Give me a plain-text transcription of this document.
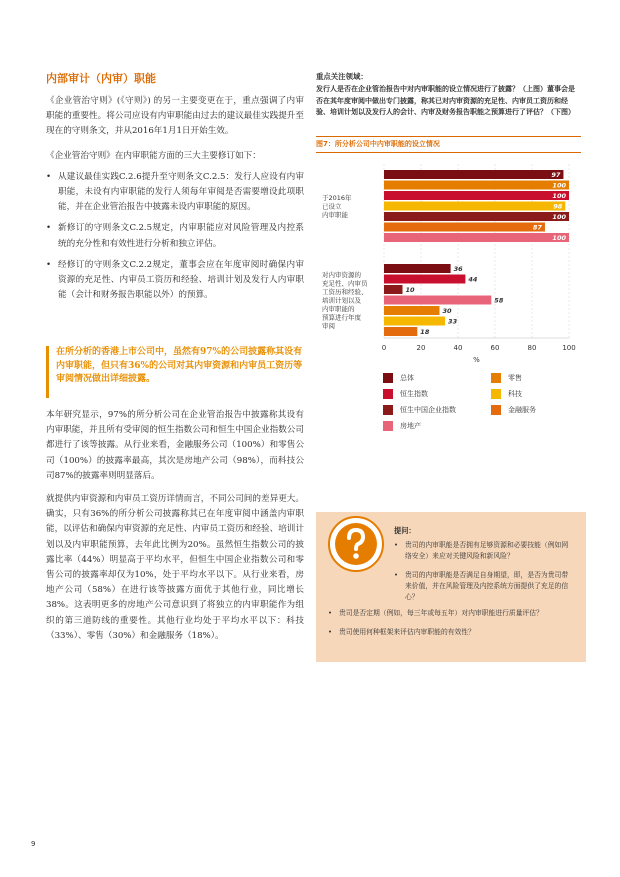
内部审计（内审）职能

《企业管治守则》(《守则》) 的另一主要变更在于，重点强调了内审职能的重要性。将公司应设有内审职能由过去的建议最佳实践提升至现在的守则条文，并从2016年1月1日开始生效。

《企业管治守则》在内审职能方面的三大主要修订如下：

• 从建议最佳实践C.2.6提升至守则条文C.2.5：发行人应设有内审职能，未设有内审职能的发行人须每年审阅是否需要增设此项职能，并在企业管治报告中披露未设内审职能的原因。
• 新修订的守则条文C.2.5规定，内审职能应对风险管理及内控系统的充分性和有效性进行分析和独立评估。
• 经修订的守则条文C.2.2规定，董事会应在年度审阅时确保内审资源的充足性、内审员工资历和经验、培训计划及发行人内审职能（会计和财务报告职能以外）的预算。

在所分析的香港上市公司中，虽然有97%的公司披露称其设有内审职能，但只有36%的公司对其内审资源和内审员工资历等审阅情况做出详细披露。

本年研究显示，97%的所分析公司在企业管治报告中披露称其设有内审职能，并且所有受审阅的恒生指数公司和恒生中国企业指数公司都进行了该等披露。从行业来看，金融服务公司（100%）和零售公司（100%）的披露率最高，其次是房地产公司（98%），而科技公司87%的披露率则明显落后。

就提供内审资源和内审员工资历详情而言，不同公司间的差异更大。确实，只有36%的所分析公司披露称其已在年度审阅中涵盖内审职能，以评估和确保内审资源的充足性、内审员工资历和经验、培训计划以及内审职能预算，去年此比例为20%。虽然恒生指数公司的披露比率（44%）明显高于平均水平，但恒生中国企业指数公司和零售公司的披露率却仅为10%，处于平均水平以下。从行业来看，房地产公司（58%）在进行该等披露方面优于其他行业，同比增长38%。这表明更多的房地产公司意识到了将独立的内审职能作为组织的第三道防线的重要性。其他行业均处于平均水平以下：科技（33%）、零售（30%）和金融服务（18%）。

重点关注领域：
发行人是否在企业管治报告中对内审职能的设立情况进行了披露？（上图）董事会是否在其年度审阅中做出专门披露，称其已对内审资源的充足性、内审员工资历和经验、培训计划以及发行人的会计、内审及财务报告职能之预算进行了评估？（下图）
图7：所分析公司中内审职能的设立情况
于2016年
已设立
内审职能
对内审资源的
充足性、内审员
工资历和经验、
培训计划以及
内审职能的
预算进行年度
审阅
97
100
100
98
100
87
100
36
44
10
58
30
33
18
0	20	40	60	80	100
%
总体	零售
恒生指数	科技
恒生中国企业指数	金融服务
房地产
提问：
• 贵司的内审职能是否拥有足够资源和必要技能（例如网络安全）来应对关键风险和新风险？
• 贵司的内审职能是否满足自身期望，即，是否为贵司带来价值，并在风险管理及内控系统方面提供了充足的信心？
• 贵司是否定期（例如，每三年或每五年）对内审职能进行质量评估？
• 贵司使用何种框架来评估内审职能的有效性？
9
